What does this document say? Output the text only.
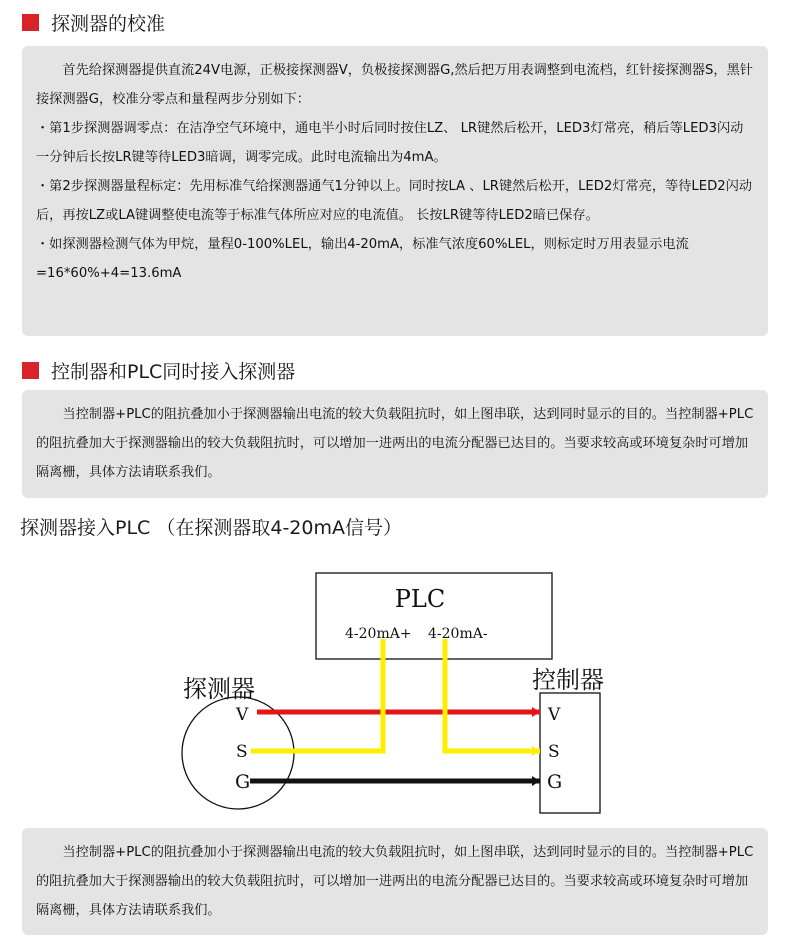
探测器的校准

首先给探测器提供直流24V电源，正极接探测器V，负极接探测器G,然后把万用表调整到电流档，红针接探测器S，黑针接探测器G，校准分零点和量程两步分别如下：

・第1步探测器调零点：在洁净空气环境中，通电半小时后同时按住LZ、 LR键然后松开，LED3灯常亮，稍后等LED3闪动一分钟后长按LR键等待LED3暗调，调零完成。此时电流输出为4mA。

・第2步探测器量程标定：先用标准气给探测器通气1分钟以上。同时按LA 、LR键然后松开，LED2灯常亮，等待LED2闪动后，再按LZ或LA键调整使电流等于标准气体所应对应的电流值。 长按LR键等待LED2暗已保存。

・如探测器检测气体为甲烷，量程0-100%LEL，输出4-20mA，标准气浓度60%LEL，则标定时万用表显示电流=16*60%+4=13.6mA

控制器和PLC同时接入探测器

当控制器+PLC的阻抗叠加小于探测器输出电流的较大负载阻抗时，如上图串联，达到同时显示的目的。当控制器+PLC的阻抗叠加大于探测器输出的较大负载阻抗时，可以增加一进两出的电流分配器已达目的。当要求较高或环境复杂时可增加隔离栅，具体方法请联系我们。

探测器接入PLC （在探测器取4-20mA信号）
PLC
4-20mA+ 4-20mA-
探测器
V
S
G
控制器
V
S
G

当控制器+PLC的阻抗叠加小于探测器输出电流的较大负载阻抗时，如上图串联，达到同时显示的目的。当控制器+PLC的阻抗叠加大于探测器输出的较大负载阻抗时，可以增加一进两出的电流分配器已达目的。当要求较高或环境复杂时可增加隔离栅，具体方法请联系我们。
